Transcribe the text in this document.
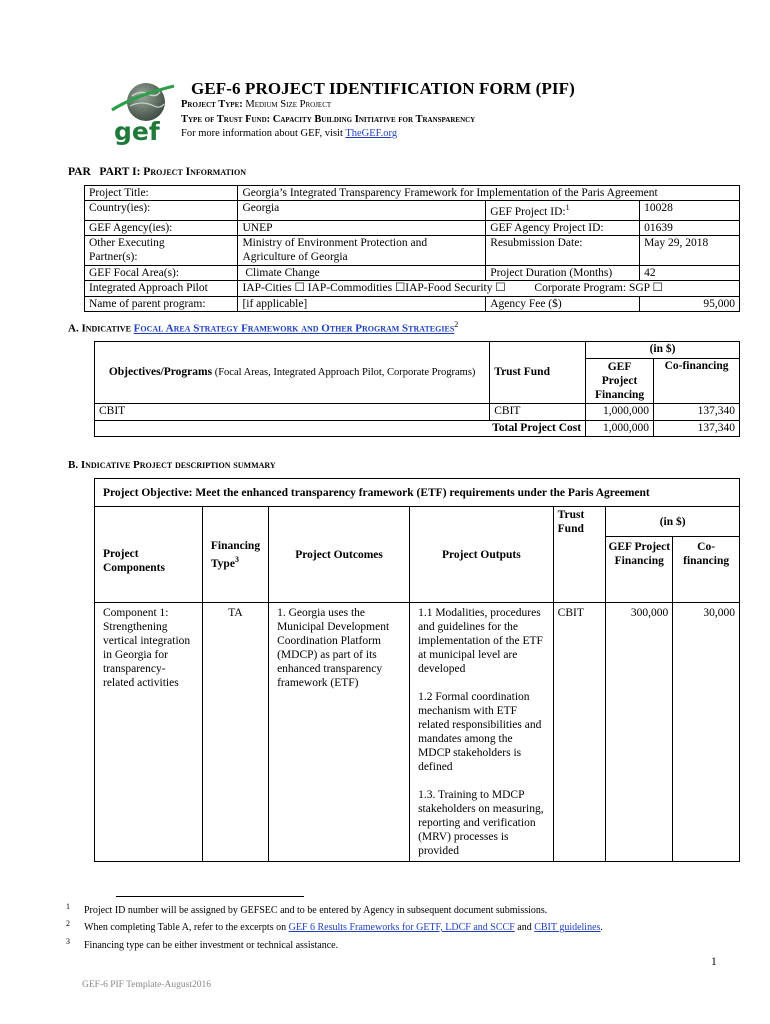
gef
GEF-6 PROJECT IDENTIFICATION FORM (PIF)
Project Type: Medium Size Project
Type of Trust Fund: Capacity Building Initiative for Transparency
For more information about GEF, visit TheGEF.org
PAR PART I: Project Information
Project Title:	Georgia’s Integrated Transparency Framework for Implementation of the Paris Agreement		
Country(ies):	Georgia	GEF Project ID:$^1$	10028
GEF Agency(ies):	UNEP	GEF Agency Project ID:	01639
Other Executing	Ministry of Environment Protection and	Resubmission Date:	May 29, 2018
Partner(s):	Agriculture of Georgia		
GEF Focal Area(s):	Climate Change	Project Duration (Months)	42
Integrated Approach Pilot	IAP-Cities ☐ IAP-Commodities ☐IAP-Food Security ☐ Corporate Program: SGP ☐		
Name of parent program:	[if applicable]	Agency Fee ($)	95,000
A. Indicative Focal Area Strategy Framework and Other Program Strategies$^2$
Objectives/Programs (Focal Areas, Integrated Approach Pilot, Corporate Programs)	Trust Fund	(in $)	
		GEF Project Financing	Co-financing
CBIT	CBIT	1,000,000	137,340
Total Project Cost		1,000,000	137,340
B. Indicative Project description summary
Project Objective: Meet the enhanced transparency framework (ETF) requirements under the Paris Agreement						
Project Components	Financing Type$^3$	Project Outcomes	Project Outputs	Trust Fund	(in $)	
					GEF Project Financing	Co-financing
Component 1: Strengthening vertical integration in Georgia for transparency-related activities	TA	1. Georgia uses the Municipal Development Coordination Platform (MDCP) as part of its enhanced transparency framework (ETF)	1.1 Modalities, procedures and guidelines for the implementation of the ETF at municipal level are developed
1.2 Formal coordination mechanism with ETF related responsibilities and mandates among the MDCP stakeholders is defined
1.3. Training to MDCP stakeholders on measuring, reporting and verification (MRV) processes is provided	CBIT	300,000	30,000
$^1$ Project ID number will be assigned by GEFSEC and to be entered by Agency in subsequent document submissions.
$^2$ When completing Table A, refer to the excerpts on GEF 6 Results Frameworks for GETF, LDCF and SCCF and CBIT guidelines.
$^3$ Financing type can be either investment or technical assistance.
1
GEF-6 PIF Template-August2016
